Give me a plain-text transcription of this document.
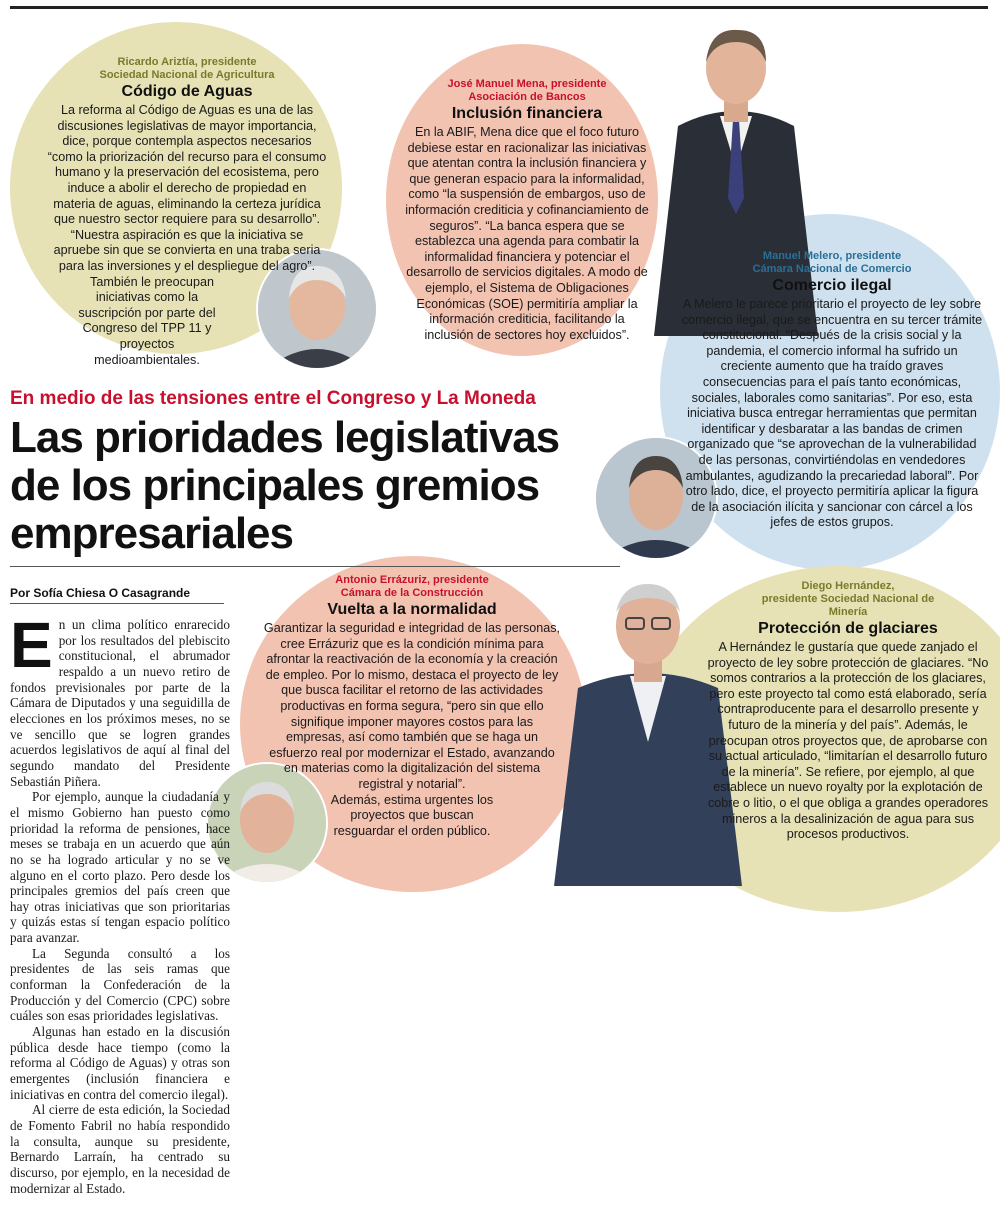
Ricardo Ariztía, presidente
Sociedad Nacional de Agricultura
Código de Aguas

La reforma al Código de Aguas es una de las discusiones legislativas de mayor importancia, dice, porque contempla aspectos necesarios “como la priorización del recurso para el consumo humano y la preservación del ecosistema, pero induce a abolir el derecho de propiedad en materia de aguas, eliminando la certeza jurídica que nuestro sector requiere para su desarrollo”. “Nuestra aspiración es que la iniciativa se apruebe sin que se convierta en una traba seria para las inversiones y el despliegue del agro”.

También le preocupan iniciativas como la suscripción por parte del Congreso del TPP 11 y proyectos medioambientales.

José Manuel Mena, presidente
Asociación de Bancos
Inclusión financiera

En la ABIF, Mena dice que el foco futuro debiese estar en racionalizar las iniciativas que atentan contra la inclusión financiera y que generan espacio para la informalidad, como “la suspensión de embargos, uso de información crediticia y cofinanciamiento de seguros”. “La banca espera que se establezca una agenda para combatir la informalidad financiera y potenciar el desarrollo de servicios digitales. A modo de ejemplo, el Sistema de Obligaciones Económicas (SOE) permitiría ampliar la información crediticia, facilitando la inclusión de sectores hoy excluidos”.

Manuel Melero, presidente
Cámara Nacional de Comercio
Comercio ilegal

A Melero le parece prioritario el proyecto de ley sobre comercio ilegal, que se encuentra en su tercer trámite constitucional. “Después de la crisis social y la pandemia, el comercio informal ha sufrido un creciente aumento que ha traído graves consecuencias para el país tanto económicas, sociales, laborales como sanitarias”. Por eso, esta iniciativa busca entregar herramientas que permitan identificar y desbaratar a las bandas de crimen organizado que “se aprovechan de la vulnerabilidad de las personas, convirtiéndolas en vendedores ambulantes, agudizando la precariedad laboral”. Por otro lado, dice, el proyecto permitiría aplicar la figura de la asociación ilícita y sancionar con cárcel a los jefes de estos grupos.

Antonio Errázuriz, presidente
Cámara de la Construcción
Vuelta a la normalidad

Garantizar la seguridad e integridad de las personas, cree Errázuriz que es la condición mínima para afrontar la reactivación de la economía y la creación de empleo. Por lo mismo, destaca el proyecto de ley que busca facilitar el retorno de las actividades productivas en forma segura, “pero sin que ello signifique imponer mayores costos para las empresas, así como también que se haga un esfuerzo real por modernizar el Estado, avanzando en materias como la digitalización del sistema registral y notarial”.

Además, estima urgentes los proyectos que buscan resguardar el orden público.

Diego Hernández,
presidente Sociedad Nacional de Minería
Protección de glaciares

A Hernández le gustaría que quede zanjado el proyecto de ley sobre protección de glaciares. “No somos contrarios a la protección de los glaciares, pero este proyecto tal como está elaborado, sería contraproducente para el desarrollo presente y futuro de la minería y del país”. Además, le preocupan otros proyectos que, de aprobarse con su actual articulado, “limitarían el desarrollo futuro de la minería”. Se refiere, por ejemplo, al que establece un nuevo royalty por la explotación de cobre o litio, o el que obliga a grandes operadores mineros a la desalinización de agua para sus procesos productivos.

En medio de las tensiones entre el Congreso y La Moneda
Las prioridades legislativas de los principales gremios empresariales
Por Sofía Chiesa O Casagrande

En un clima político enrarecido por los resultados del plebiscito constitucional, el abrumador respaldo a un nuevo retiro de fondos previsionales por parte de la Cámara de Diputados y una seguidilla de elecciones en los próximos meses, no se ve sencillo que se logren grandes acuerdos legislativos de aquí al final del segundo mandato del Presidente Sebastián Piñera.

Por ejemplo, aunque la ciudadanía y el mismo Gobierno han puesto como prioridad la reforma de pensiones, hace meses se trabaja en un acuerdo que aún no se ha logrado articular y no se ve alguno en el corto plazo. Pero desde los principales gremios del país creen que hay otras iniciativas que son prioritarias y quizás estas sí tengan espacio político para avanzar.

La Segunda consultó a los presidentes de las seis ramas que conforman la Confederación de la Producción y del Comercio (CPC) sobre cuáles son esas prioridades legislativas.

Algunas han estado en la discusión pública desde hace tiempo (como la reforma al Código de Aguas) y otras son emergentes (inclusión financiera e iniciativas en contra del comercio ilegal).

Al cierre de esta edición, la Sociedad de Fomento Fabril no había respondido la consulta, aunque su presidente, Bernardo Larraín, ha centrado su discurso, por ejemplo, en la necesidad de modernizar al Estado.
